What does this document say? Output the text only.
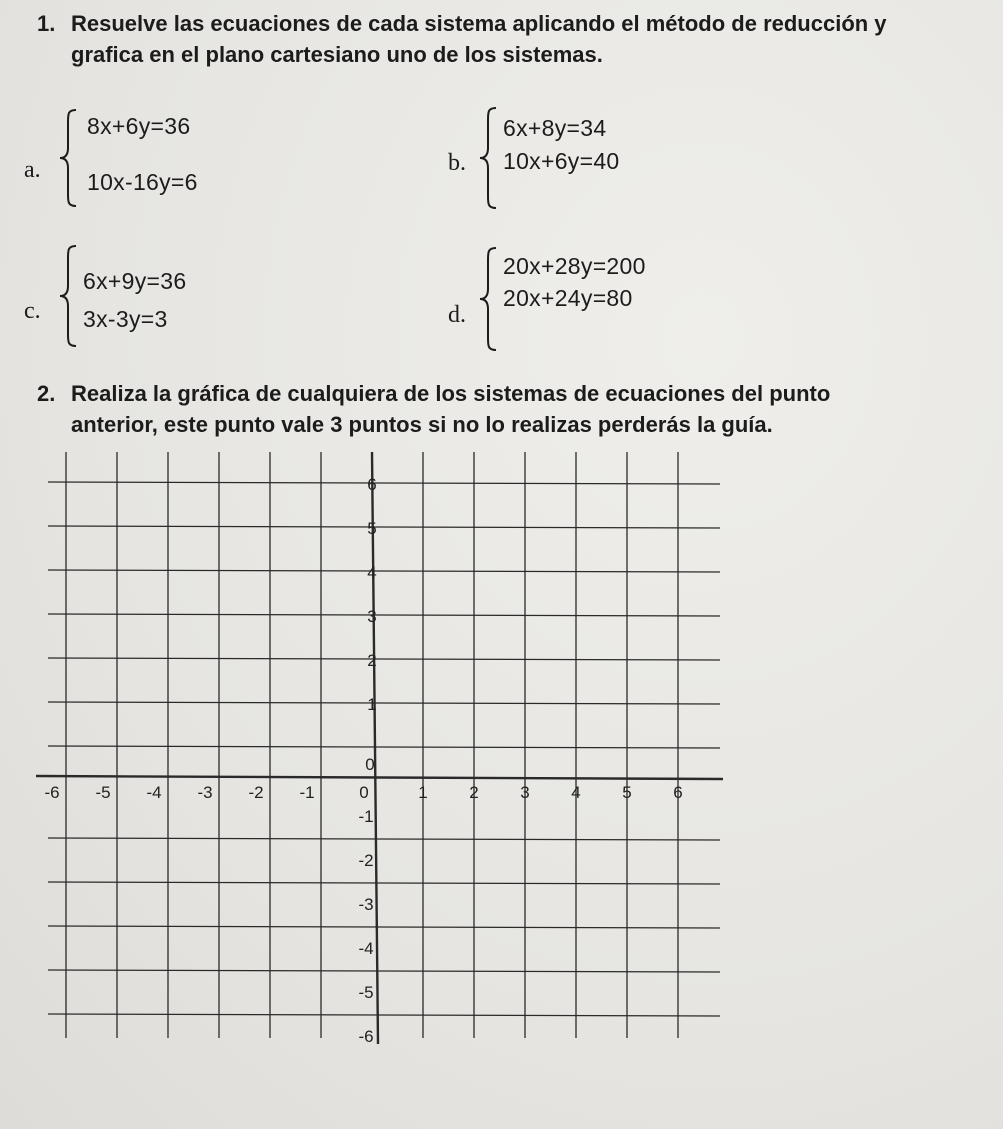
1. Resuelve las ecuaciones de cada sistema aplicando el método de reducción y
grafica en el plano cartesiano uno de los sistemas.
a.
8x+6y=36
10x-16y=6
b.
6x+8y=34
10x+6y=40
c.
6x+9y=36
3x-3y=3	d.
20x+28y=200
20x+24y=80
2. Realiza la gráfica de cualquiera de los sistemas de ecuaciones del punto
anterior, este punto vale 3 puntos si no lo realizas perderás la guía.
-6 -5 -4 -3 -2 -1	0	1 2 3 4 5 6
6
5
4
3
2
1
0
-1
-2
-3
-4
-5
-6
